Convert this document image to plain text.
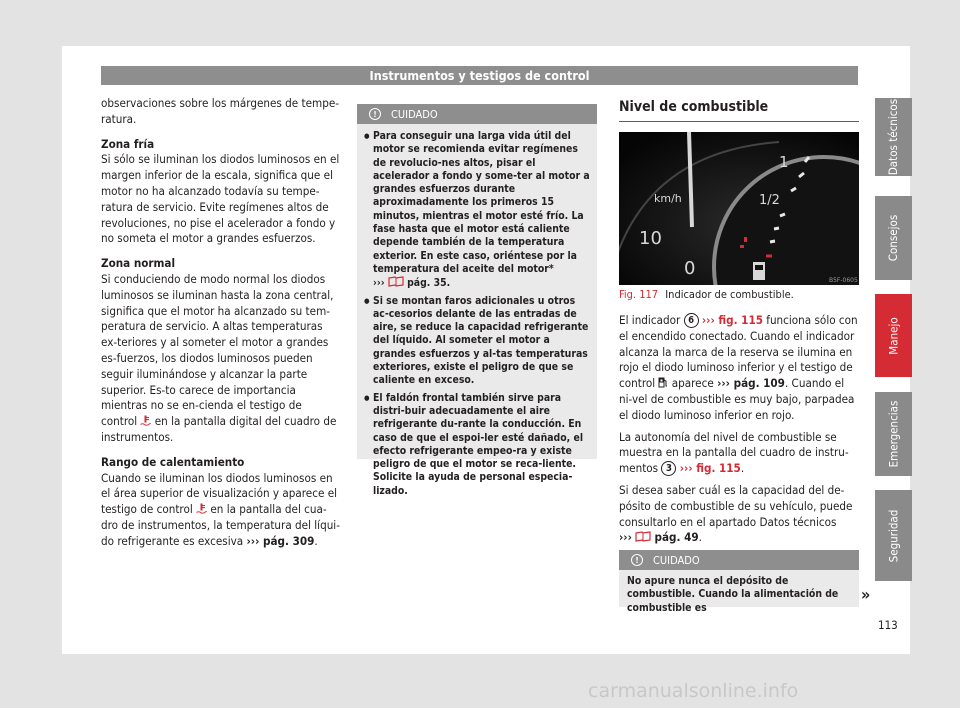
Instrumentos y testigos de control
Datos técnicos
Consejos
Manejo
Emergencias
Seguridad

observaciones sobre los márgenes de tempe-ratura.

Zona fría

Si sólo se iluminan los diodos luminosos en el margen inferior de la escala, significa que el motor no ha alcanzado todavía su tempe-ratura de servicio. Evite regímenes altos de revoluciones, no pise el acelerador a fondo y no someta el motor a grandes esfuerzos.

Zona normal

Si conduciendo de modo normal los diodos luminosos se iluminan hasta la zona central, significa que el motor ha alcanzado su tem-peratura de servicio. A altas temperaturas ex-teriores y al someter el motor a grandes es-fuerzos, los diodos luminosos pueden seguir iluminándose y alcanzar la parte superior. Es-to carece de importancia mientras no se en-cienda el testigo de control en la pantalla digital del cuadro de instrumentos.

Rango de calentamiento

Cuando se iluminan los diodos luminosos en el área superior de visualización y aparece el testigo de control en la pantalla del cua-dro de instrumentos, la temperatura del líqui-do refrigerante es excesiva ››› pág. 309.

!	CUIDADO
● Para conseguir una larga vida útil del motor se recomienda evitar regímenes de revolucio-nes altos, pisar el acelerador a fondo y some-ter al motor a grandes esfuerzos durante aproximadamente los primeros 15 minutos, mientras el motor esté frío. La fase hasta que el motor está caliente depende también de la temperatura exterior. En este caso, oriéntese por la temperatura del aceite del motor*
››› pág. 35.
● Si se montan faros adicionales u otros ac-cesorios delante de las entradas de aire, se reduce la capacidad refrigerante del líquido. Al someter el motor a grandes esfuerzos y al-tas temperaturas exteriores, existe el peligro de que se caliente en exceso.
● El faldón frontal también sirve para distri-buir adecuadamente el aire refrigerante du-rante la conducción. En caso de que el espoi-ler esté dañado, el efecto refrigerante empeo-ra y existe peligro de que el motor se reca-liente. Solicite la ayuda de personal especia-lizado.
Nivel de combustible
km/h
1
1/2
10
0
B5F-0605
Fig. 117 Indicador de combustible.

El indicador 6 ››› fig. 115 funciona sólo con el encendido conectado. Cuando el indicador alcanza la marca de la reserva se ilumina en rojo el diodo luminoso inferior y el testigo de control aparece ››› pág. 109. Cuando el ni-vel de combustible es muy bajo, parpadea el diodo luminoso inferior en rojo.

La autonomía del nivel de combustible se muestra en la pantalla del cuadro de instru-mentos 3 ››› fig. 115.

Si desea saber cuál es la capacidad del de-pósito de combustible de su vehículo, puede consultarlo en el apartado Datos técnicos
››› pág. 49.

!	CUIDADO
No apure nunca el depósito de combustible. Cuando la alimentación de combustible es
»
113
carmanualsonline.info
